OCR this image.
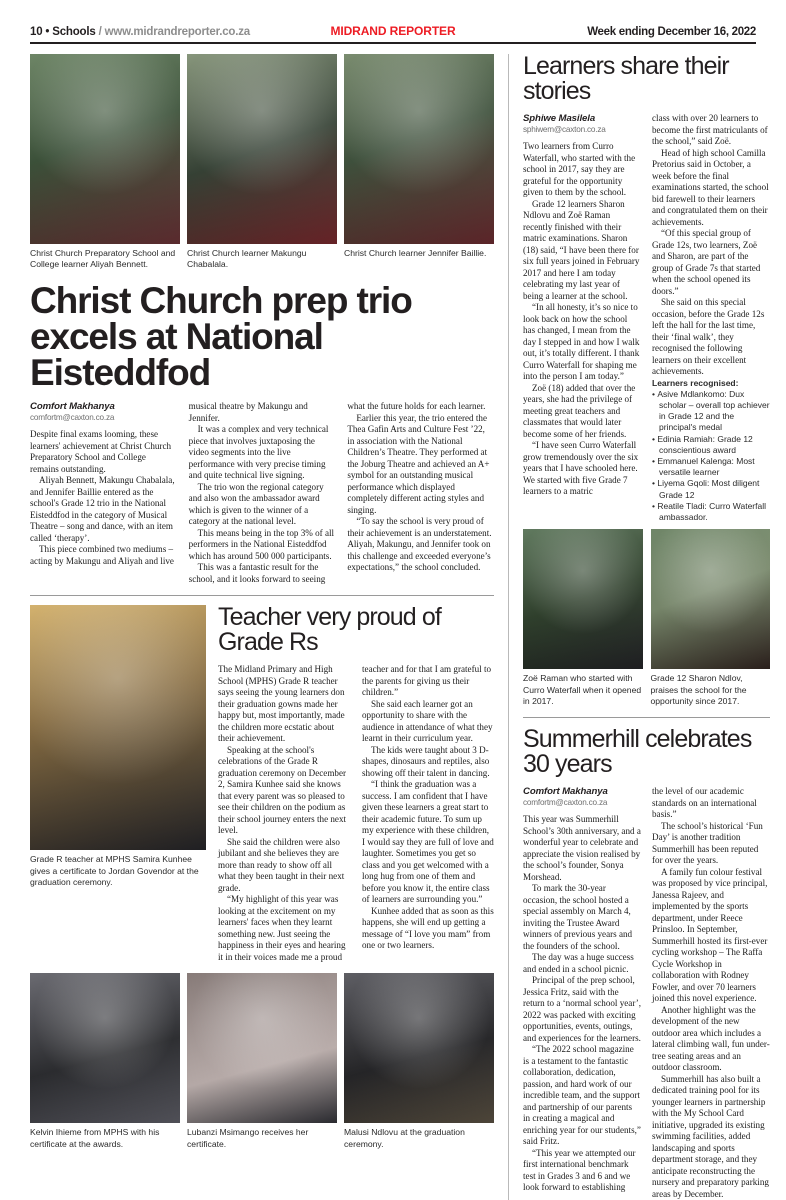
10 • Schools / www.midrandreporter.co.za	MIDRAND REPORTER	Week ending December 16, 2022
Christ Church Preparatory School and College learner Aliyah Bennett.
Christ Church learner Makungu Chabalala.
Christ Church learner Jennifer Baillie.
Christ Church prep trio excels at National Eisteddfod
Comfort Makhanya
comfortm@caxton.co.za

Despite final exams looming, these learners' achievement at Christ Church Preparatory School and College remains outstanding.

Aliyah Bennett, Makungu Chabalala, and Jennifer Baillie entered as the school's Grade 12 trio in the National Eisteddfod in the category of Musical Theatre – song and dance, with an item called ‘therapy’.

This piece combined two mediums – acting by Makungu and Aliyah and live musical theatre by Makungu and Jennifer.

It was a complex and very technical piece that involves juxtaposing the video segments into the live performance with very precise timing and quite technical live signing.

The trio won the regional category and also won the ambassador award which is given to the winner of a category at the national level.

This means being in the top 3% of all performers in the National Eisteddfod which has around 500 000 participants.

This was a fantastic result for the school, and it looks forward to seeing what the future holds for each learner.

Earlier this year, the trio entered the Thea Gafin Arts and Culture Fest ’22, in association with the National Children’s Theatre. They performed at the Joburg Theatre and achieved an A+ symbol for an outstanding musical performance which displayed completely different acting styles and singing.

“To say the school is very proud of their achievement is an understatement. Aliyah, Makungu, and Jennifer took on this challenge and exceeded everyone’s expectations,” the school concluded.

Grade R teacher at MPHS Samira Kunhee gives a certificate to Jordan Govendor at the graduation ceremony.
Teacher very proud of Grade Rs

The Midland Primary and High School (MPHS) Grade R teacher says seeing the young learners don their graduation gowns made her happy but, most importantly, made the children more ecstatic about their achievement.

Speaking at the school's celebrations of the Grade R graduation ceremony on December 2, Samira Kunhee said she knows that every parent was so pleased to see their children on the podium as their school journey enters the next level.

She said the children were also jubilant and she believes they are more than ready to show off all what they been taught in their next grade.

“My highlight of this year was looking at the excitement on my learners' faces when they learnt something new. Just seeing the happiness in their eyes and hearing it in their voices made me a proud teacher and for that I am grateful to the parents for giving us their children.”

She said each learner got an opportunity to share with the audience in attendance of what they learnt in their curriculum year.

The kids were taught about 3 D-shapes, dinosaurs and reptiles, also showing off their talent in dancing.

“I think the graduation was a success. I am confident that I have given these learners a great start to their academic future. To sum up my experience with these children, I would say they are full of love and laughter. Sometimes you get so class and you get welcomed with a long hug from one of them and before you know it, the entire class of learners are surrounding you.”

Kunhee added that as soon as this happens, she will end up getting a message of “I love you mam” from one or two learners.

Kelvin Ihieme from MPHS with his certificate at the awards.
Lubanzi Msimango receives her certificate.
Malusi Ndlovu at the graduation ceremony.
Learners share their stories
Sphiwe Masilela
sphiwem@caxton.co.za

Two learners from Curro Waterfall, who started with the school in 2017, say they are grateful for the opportunity given to them by the school.

Grade 12 learners Sharon Ndlovu and Zoë Raman recently finished with their matric examinations. Sharon (18) said, “I have been there for six full years joined in February 2017 and here I am today celebrating my last year of being a learner at the school.

“In all honesty, it’s so nice to look back on how the school has changed, I mean from the day I stepped in and how I walk out, it’s totally different. I thank Curro Waterfall for shaping me into the person I am today.”

Zoë (18) added that over the years, she had the privilege of meeting great teachers and classmates that would later become some of her friends.

“I have seen Curro Waterfall grow tremendously over the six years that I have schooled here. We started with five Grade 7 learners to a matric

class with over 20 learners to become the first matriculants of the school,” said Zoë.

Head of high school Camilla Pretorius said in October, a week before the final examinations started, the school bid farewell to their learners and congratulated them on their achievements.

“Of this special group of Grade 12s, two learners, Zoë and Sharon, are part of the group of Grade 7s that started when the school opened its doors.”

She said on this special occasion, before the Grade 12s left the hall for the last time, their ‘final walk’, they recognised the following learners on their excellent achievements.

Learners recognised:
• Asive Mdlankomo: Dux scholar – overall top achiever in Grade 12 and the principal's medal
• Edinia Ramiah: Grade 12 conscientious award
• Emmanuel Kalenga: Most versatile learner
• Liyema Gqoli: Most diligent Grade 12
• Reatile Tladi: Curro Waterfall ambassador.
Zoë Raman who started with Curro Waterfall when it opened in 2017.
Grade 12 Sharon Ndlov, praises the school for the opportunity since 2017.
Summerhill celebrates 30 years
Comfort Makhanya
comfortm@caxton.co.za

This year was Summerhill School’s 30th anniversary, and a wonderful year to celebrate and appreciate the vision realised by the school’s founder, Sonya Morshead.

To mark the 30-year occasion, the school hosted a special assembly on March 4, inviting the Trustee Award winners of previous years and the founders of the school.

The day was a huge success and ended in a school picnic.

Principal of the prep school, Jessica Fritz, said with the return to a ‘normal school year’, 2022 was packed with exciting opportunities, events, outings, and experiences for the learners.

“The 2022 school magazine is a testament to the fantastic collaboration, dedication, passion, and hard work of our incredible team, and the support and partnership of our parents in creating a magical and enriching year for our students,” said Fritz.

“This year we attempted our first international benchmark test in Grades 3 and 6 and we look forward to establishing

the level of our academic standards on an international basis.”

The school’s historical ‘Fun Day’ is another tradition Summerhill has been reputed for over the years.

A family fun colour festival was proposed by vice principal, Janessa Rajeev, and implemented by the sports department, under Reece Prinsloo. In September, Summerhill hosted its first-ever cycling workshop – The Raffa Cycle Workshop in collaboration with Rodney Fowler, and over 70 learners joined this novel experience.

Another highlight was the development of the new outdoor area which includes a lateral climbing wall, fun under-tree seating areas and an outdoor classroom.

Summerhill has also built a dedicated training pool for its younger learners in partnership with the My School Card initiative, upgraded its existing swimming facilities, added landscaping and sports department storage, and they anticipate reconstructing the nursery and preparatory parking areas by December.
